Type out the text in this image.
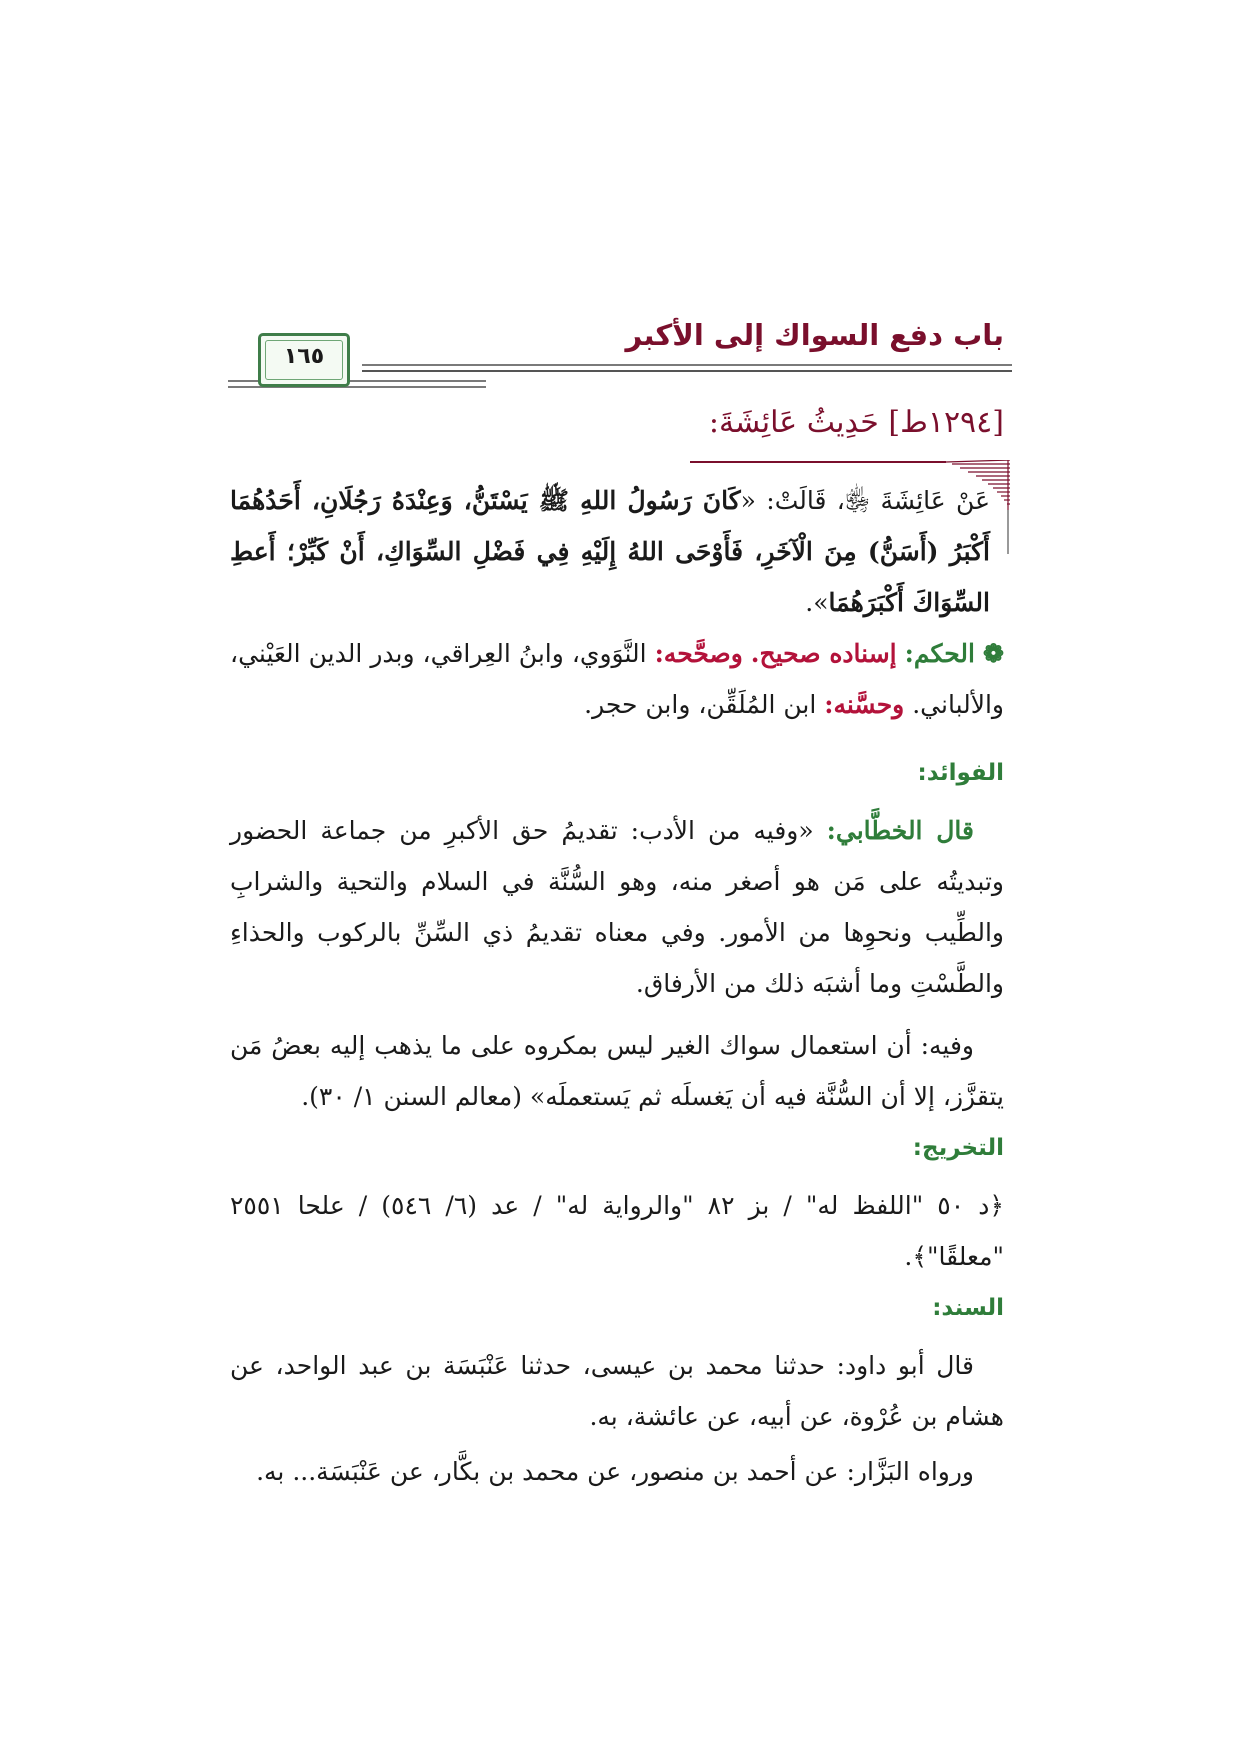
باب دفع السواك إلى الأكبر
١٦٥
[١٢٩٤ط] حَدِيثُ عَائِشَةَ:
عَنْ عَائِشَةَ ﵂، قَالَتْ: «كَانَ رَسُولُ اللهِ ﷺ يَسْتَنُّ، وَعِنْدَهُ رَجُلَانِ، أَحَدُهُمَا أَكْبَرُ (أَسَنُّ) مِنَ الْآخَرِ، فَأَوْحَى اللهُ إِلَيْهِ فِي فَضْلِ السِّوَاكِ، أَنْ كَبِّرْ؛ أَعطِ السِّوَاكَ أَكْبَرَهُمَا».
❁ الحكم: إسناده صحيح. وصحَّحه: النَّوَوي، وابنُ العِراقي، وبدر الدين العَيْني، والألباني. وحسَّنه: ابن المُلَقِّن، وابن حجر.
الفوائد:
قال الخطَّابي: «وفيه من الأدب: تقديمُ حق الأكبرِ من جماعة الحضور وتبديتُه على مَن هو أصغر منه، وهو السُّنَّة في السلام والتحية والشرابِ والطِّيب ونحوِها من الأمور. وفي معناه تقديمُ ذي السِّنِّ بالركوب والحذاءِ والطَّسْتِ وما أشبَه ذلك من الأرفاق.
وفيه: أن استعمال سواك الغير ليس بمكروه على ما يذهب إليه بعضُ مَن يتقزَّز، إلا أن السُّنَّة فيه أن يَغسلَه ثم يَستعملَه» (معالم السنن ١/ ٣٠).
التخريج:
﴿د ٥٠ "اللفظ له" / بز ٨٢ "والرواية له" / عد (٦/ ٥٤٦) / علحا ٢٥٥١ "معلقًا"﴾.
السند:
قال أبو داود: حدثنا محمد بن عيسى، حدثنا عَنْبَسَة بن عبد الواحد، عن هشام بن عُرْوة، عن أبيه، عن عائشة، به.
ورواه البَزَّار: عن أحمد بن منصور، عن محمد بن بكَّار، عن عَنْبَسَة... به.
